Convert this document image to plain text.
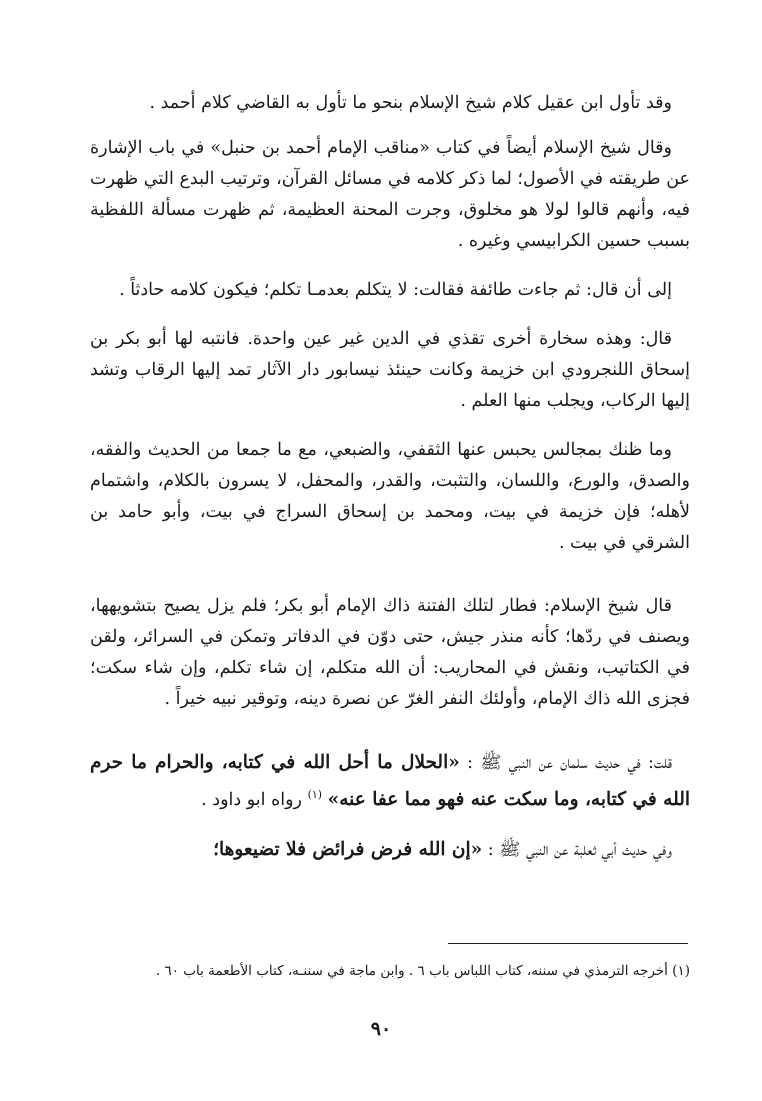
وقد تأول ابن عقيل كلام شيخ الإسلام بنحو ما تأول به القاضي كلام أحمد .

وقال شيخ الإسلام أيضاً في كتاب «مناقب الإمام أحمد بن حنبل» في باب الإشارة عن طريقته في الأصول؛ لما ذكر كلامه في مسائل القرآن، وترتيب البدع التي ظهرت فيه، وأنهم قالوا لولا هو مخلوق، وجرت المحنة العظيمة، ثم ظهرت مسألة اللفظية بسبب حسين الكرابيسي وغيره .

إلى أن قال: ثم جاءت طائفة فقالت: لا يتكلم بعدمـا تكلم؛ فيكون كلامه حادثاً .

قال: وهذه سخارة أخرى تقذي في الدين غير عين واحدة. فانتبه لها أبو بكر بن إسحاق اللنجرودي ابن خزيمة وكانت حينئذ نيسابور دار الآثار تمد إليها الرقاب وتشد إليها الركاب، ويجلب منها العلم .

وما ظنك بمجالس يحبس عنها الثقفي، والضبعي، مع ما جمعا من الحديث والفقه، والصدق، والورع، واللسان، والتثبت، والقدر، والمحفل، لا يسرون بالكلام، واشتمام لأهله؛ فإن خزيمة في بيت، ومحمد بن إسحاق السراج في بيت، وأبو حامد بن الشرقي في بيت .

قال شيخ الإسلام: فطار لتلك الفتنة ذاك الإمام أبو بكر؛ فلم يزل يصيح بتشويهها، ويصنف في ردّها؛ كأنه منذر جيش، حتى دوّن في الدفاتر وتمكن في السرائر، ولقن في الكتاتيب، ونقش في المحاريب: أن الله متكلم، إن شاء تكلم، وإن شاء سكت؛ فجزى الله ذاك الإمام، وأولئك النفر الغرّ عن نصرة دينه، وتوقير نبيه خيراً .

قلت: في حديث سلمان عن النبي ﷺ : «الحلال ما أحل الله في كتابه، والحرام ما حرم الله في كتابه، وما سكت عنه فهو مما عفا عنه» $^{(١)}$ رواه ابو داود .

وفي حديث أبي ثعلبة عن النبي ﷺ : «إن الله فرض فرائض فلا تضيعوها؛

(١) أخرجه الترمذي في سننه، كتاب اللباس باب ٦ . وابن ماجة في سننـه، كتاب الأطعمة باب ٦٠ .
٩٠
